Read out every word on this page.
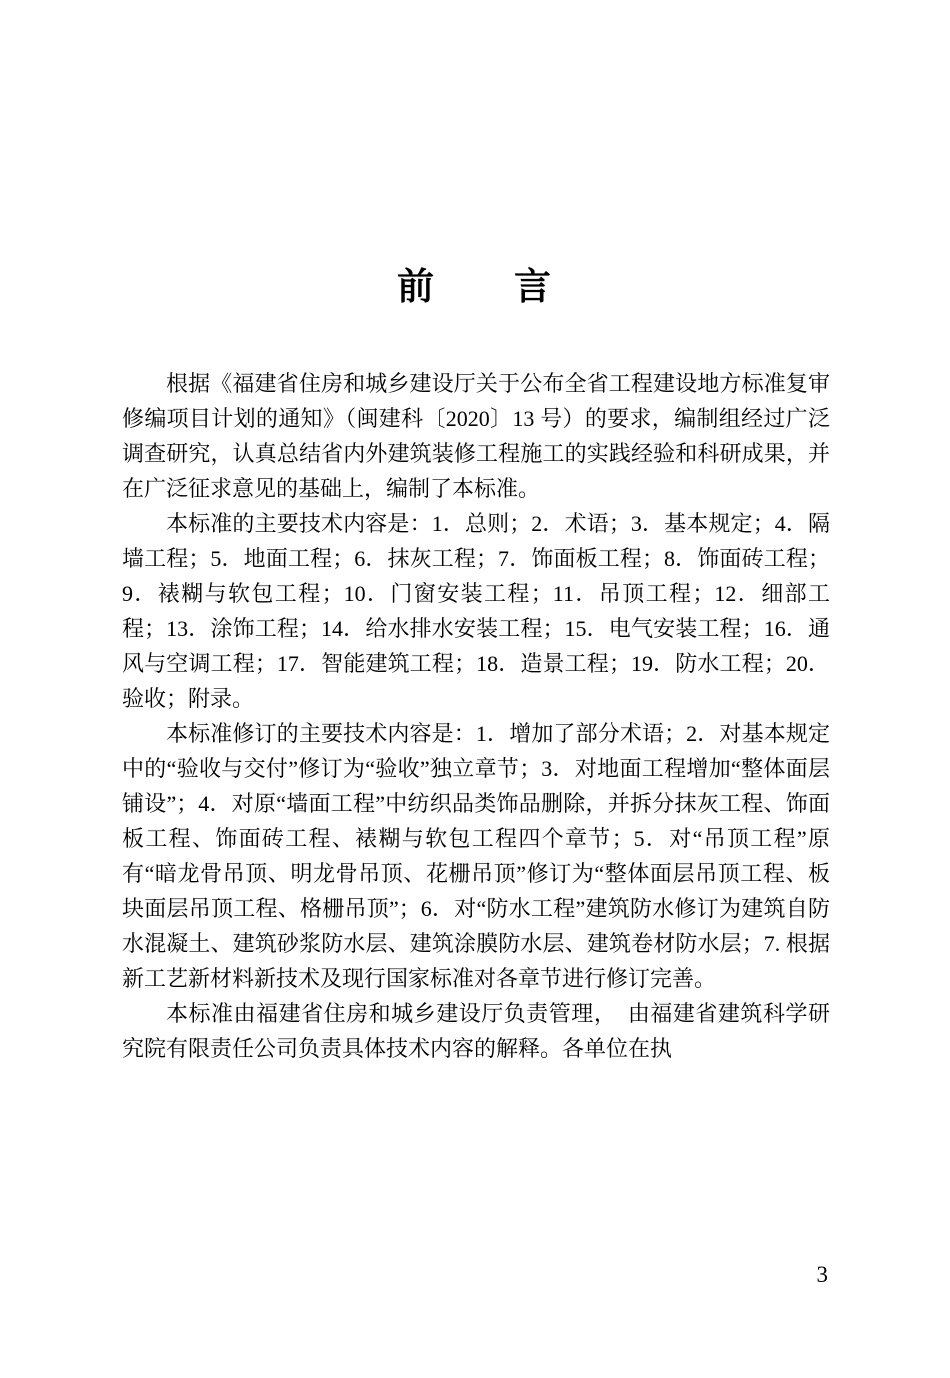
前　　言

根据《福建省住房和城乡建设厅关于公布全省工程建设地方标准复审修编项目计划的通知》（闽建科〔2020〕13 号）的要求，编制组经过广泛调查研究，认真总结省内外建筑装修工程施工的实践经验和科研成果，并在广泛征求意见的基础上，编制了本标准。

本标准的主要技术内容是：1．总则；2．术语；3．基本规定；4．隔墙工程；5．地面工程；6．抹灰工程；7．饰面板工程；8．饰面砖工程；9．裱糊与软包工程；10．门窗安装工程；11．吊顶工程；12．细部工程；13．涂饰工程；14．给水排水安装工程；15．电气安装工程；16．通风与空调工程；17．智能建筑工程；18．造景工程；19．防水工程；20．验收；附录。

本标准修订的主要技术内容是：1．增加了部分术语；2．对基本规定中的“验收与交付”修订为“验收”独立章节；3．对地面工程增加“整体面层铺设”；4．对原“墙面工程”中纺织品类饰品删除，并拆分抹灰工程、饰面板工程、饰面砖工程、裱糊与软包工程四个章节；5．对“吊顶工程”原有“暗龙骨吊顶、明龙骨吊顶、花栅吊顶”修订为“整体面层吊顶工程、板块面层吊顶工程、格栅吊顶”；6．对“防水工程”建筑防水修订为建筑自防水混凝土、建筑砂浆防水层、建筑涂膜防水层、建筑卷材防水层；7. 根据新工艺新材料新技术及现行国家标准对各章节进行修订完善。

本标准由福建省住房和城乡建设厅负责管理，　由福建省建筑科学研究院有限责任公司负责具体技术内容的解释。各单位在执

3
